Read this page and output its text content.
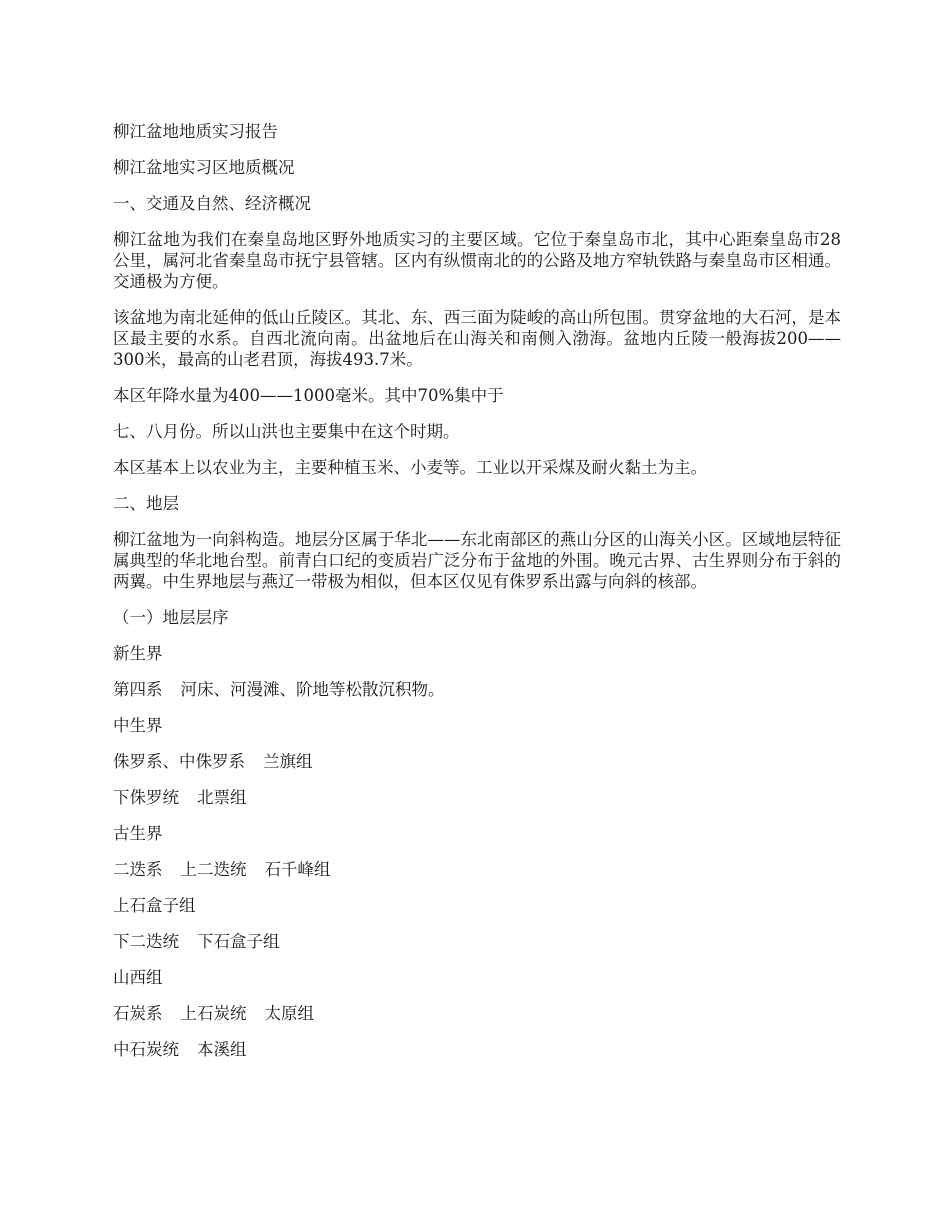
柳江盆地地质实习报告
柳江盆地实习区地质概况
一、交通及自然、经济概况
柳江盆地为我们在秦皇岛地区野外地质实习的主要区域。它位于秦皇岛市北，其中心距秦皇岛市28公里，属河北省秦皇岛市抚宁县管辖。区内有纵惯南北的的公路及地方窄轨铁路与秦皇岛市区相通。交通极为方便。
该盆地为南北延伸的低山丘陵区。其北、东、西三面为陡峻的高山所包围。贯穿盆地的大石河，是本区最主要的水系。自西北流向南。出盆地后在山海关和南侧入渤海。盆地内丘陵一般海拔200——300米，最高的山老君顶，海拔493.7米。
本区年降水量为400——1000毫米。其中70%集中于
七、八月份。所以山洪也主要集中在这个时期。
本区基本上以农业为主，主要种植玉米、小麦等。工业以开采煤及耐火黏土为主。
二、地层
柳江盆地为一向斜构造。地层分区属于华北——东北南部区的燕山分区的山海关小区。区域地层特征属典型的华北地台型。前青白口纪的变质岩广泛分布于盆地的外围。晚元古界、古生界则分布于斜的两翼。中生界地层与燕辽一带极为相似，但本区仅见有侏罗系出露与向斜的核部。
（一）地层层序
新生界
第四系 河床、河漫滩、阶地等松散沉积物。
中生界
侏罗系、中侏罗系 兰旗组
下侏罗统 北票组
古生界
二迭系 上二迭统 石千峰组
上石盒子组
下二迭统 下石盒子组
山西组
石炭系 上石炭统 太原组
中石炭统 本溪组
